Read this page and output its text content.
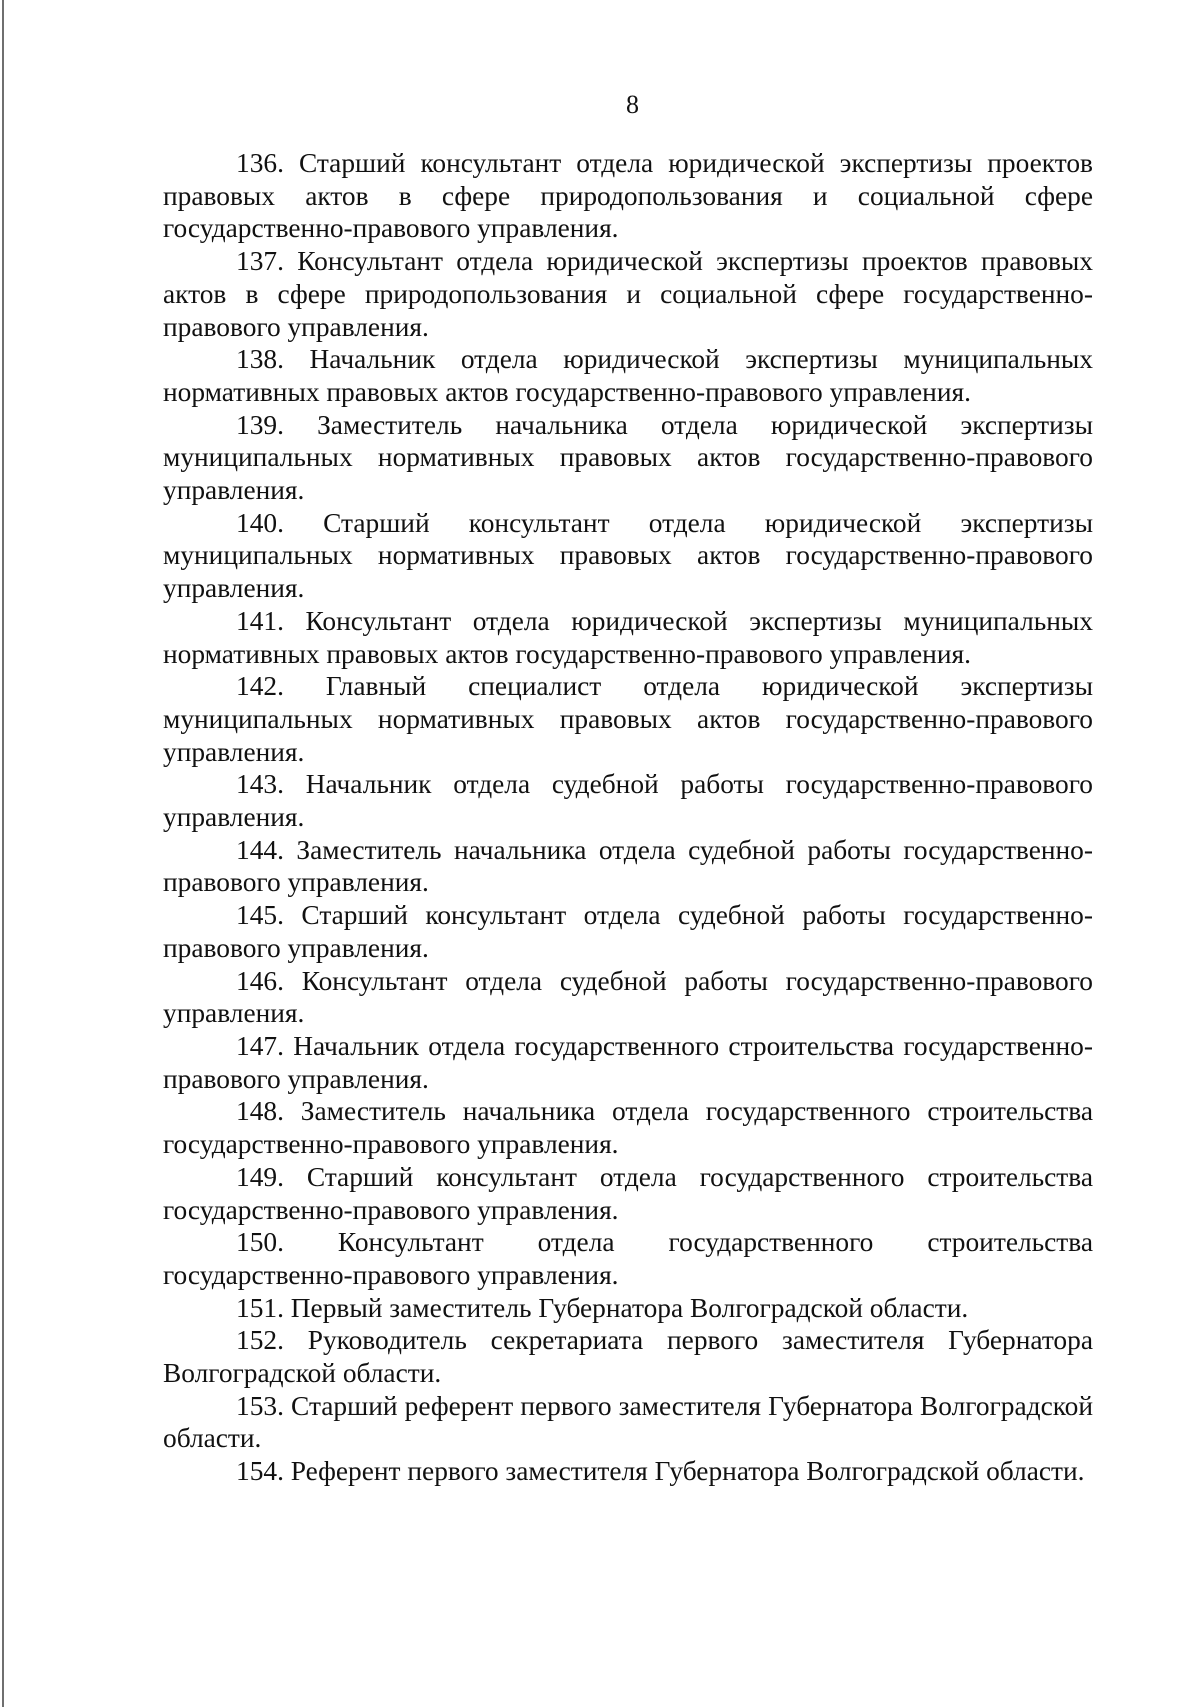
8

136. Старший консультант отдела юридической экспертизы проектов правовых актов в сфере природопользования и социальной сфере государственно-правового управления.

137. Консультант отдела юридической экспертизы проектов правовых актов в сфере природопользования и социальной сфере государственно-правового управления.

138. Начальник отдела юридической экспертизы муниципальных нормативных правовых актов государственно-правового управления.

139. Заместитель начальника отдела юридической экспертизы муниципальных нормативных правовых актов государственно-правового управления.

140. Старший консультант отдела юридической экспертизы муниципальных нормативных правовых актов государственно-правового управления.

141. Консультант отдела юридической экспертизы муниципальных нормативных правовых актов государственно-правового управления.

142. Главный специалист отдела юридической экспертизы муниципальных нормативных правовых актов государственно-правового управления.

143. Начальник отдела судебной работы государственно-правового управления.

144. Заместитель начальника отдела судебной работы государственно-правового управления.

145. Старший консультант отдела судебной работы государственно-правового управления.

146. Консультант отдела судебной работы государственно-правового управления.

147. Начальник отдела государственного строительства государственно-правового управления.

148. Заместитель начальника отдела государственного строительства государственно-правового управления.

149. Старший консультант отдела государственного строительства государственно-правового управления.

150. Консультант отдела государственного строительства государственно-правового управления.

151. Первый заместитель Губернатора Волгоградской области.

152. Руководитель секретариата первого заместителя Губернатора Волгоградской области.

153. Старший референт первого заместителя Губернатора Волгоградской области.

154. Референт первого заместителя Губернатора Волгоградской области.
